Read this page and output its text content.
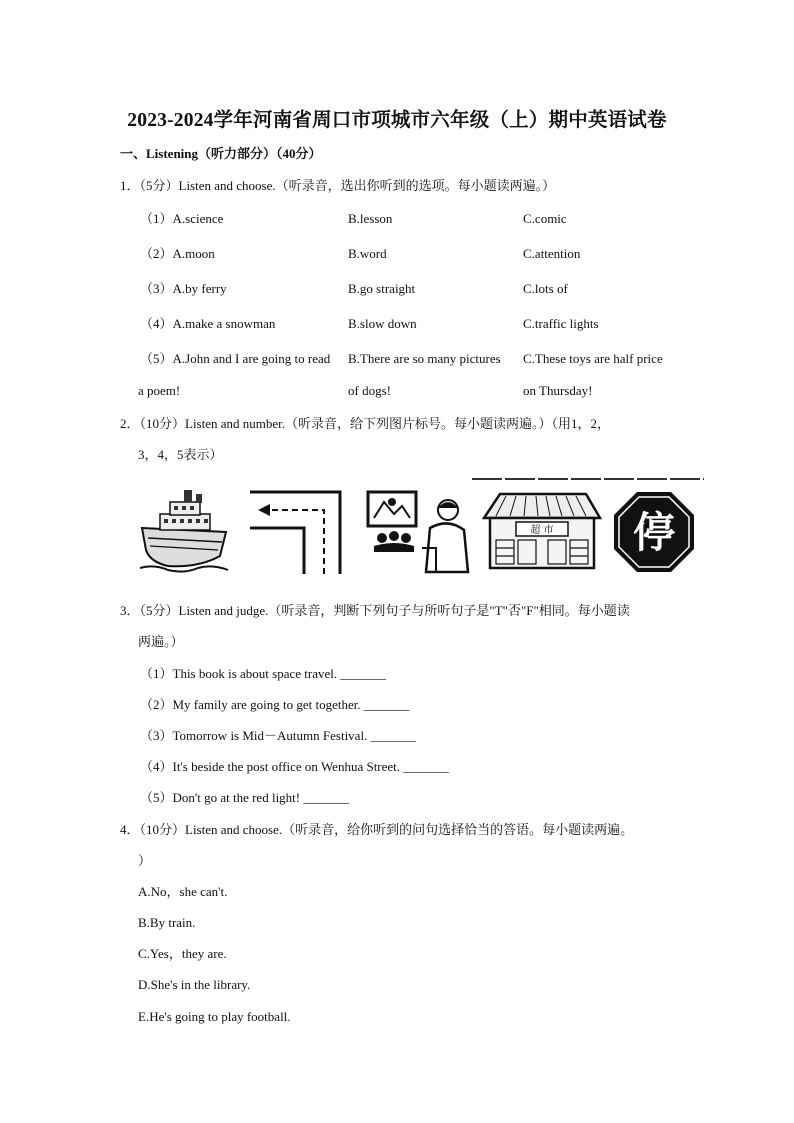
2023-2024学年河南省周口市项城市六年级（上）期中英语试卷
一、Listening（听力部分）（40分）
1．（5分）Listen and choose.（听录音，选出你听到的选项。每小题读两遍。）
（1）A.science	B.lesson	C.comic
（2）A.moon	B.word	C.attention
（3）A.by ferry	B.go straight	C.lots of
（4）A.make a snowman	B.slow down	C.traffic lights
（5）A.John and I are going to read B.There are so many pictures C.These toys are half price
a poem!	of dogs!	on Thursday!
2．（10分）Listen and number.（听录音，给下列图片标号。每小题读两遍。）（用1，2，
3，4，5表示）
超 市 停
3．（5分）Listen and judge.（听录音，判断下列句子与所听句子是"T"否"F"相同。每小题读
两遍。）
（1）This book is about space travel. _______
（2）My family are going to get together. _______
（3）Tomorrow is Mid－Autumn Festival. _______
（4）It's beside the post office on Wenhua Street. _______
（5）Don't go at the red light! _______
4．（10分）Listen and choose.（听录音，给你听到的问句选择恰当的答语。每小题读两遍。
）
A.No，she can't.
B.By train.
C.Yes，they are.
D.She's in the library.
E.He's going to play football.
